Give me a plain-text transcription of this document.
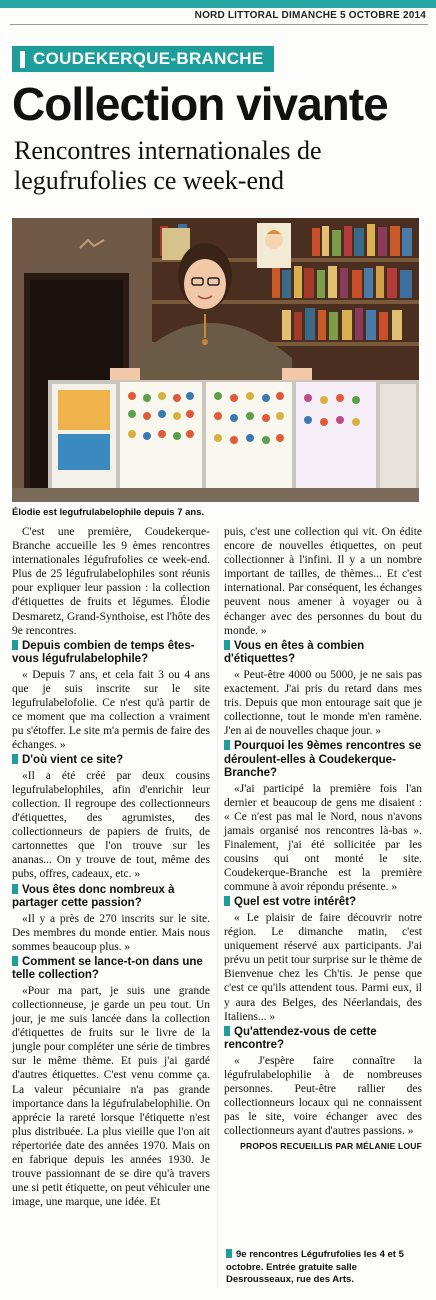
NORD LITTORAL DIMANCHE 5 OCTOBRE 2014
COUDEKERQUE-BRANCHE
Collection vivante
Rencontres internationales de legufrufolies ce week-end
Élodie est legufrulabelophile depuis 7 ans.

C'est une première, Coudekerque-Branche accueille les 9 èmes rencontres internationales légufrufolies ce week-end. Plus de 25 légufrulabelophiles sont réunis pour expliquer leur passion : la collection d'étiquettes de fruits et légumes. Élodie Desmaretz, Grand-Synthoise, est l'hôte des 9e rencontres.

Depuis combien de temps êtes-vous légufrulabelophile?

« Depuis 7 ans, et cela fait 3 ou 4 ans que je suis inscrite sur le site legufrulabelofolie. Ce n'est qu'à partir de ce moment que ma collection a vraiment pu s'étoffer. Le site m'a permis de faire des échanges. »

D'où vient ce site?

«Il a été créé par deux cousins legufrulabelophiles, afin d'enrichir leur collection. Il regroupe des collectionneurs d'étiquettes, des agrumistes, des collectionneurs de papiers de fruits, de cartonnettes que l'on trouve sur les ananas... On y trouve de tout, même des pubs, offres, cadeaux, etc. »

Vous êtes donc nombreux à partager cette passion?

«Il y a près de 270 inscrits sur le site. Des membres du monde entier. Mais nous sommes beaucoup plus. »

Comment se lance-t-on dans une telle collection?

«Pour ma part, je suis une grande collectionneuse, je garde un peu tout. Un jour, je me suis lancée dans la collection d'étiquettes de fruits sur le livre de la jungle pour compléter une série de timbres sur le même thème. Et puis j'ai gardé d'autres étiquettes. C'est venu comme ça. La valeur pécuniaire n'a pas grande importance dans la légufrulabelophilie. On apprécie la rareté lorsque l'étiquette n'est plus distribuée. La plus vieille que l'on ait répertoriée date des années 1970. Mais on en fabrique depuis les années 1930. Je trouve passionnant de se dire qu'à travers une si petit étiquette, on peut véhiculer une image, une marque, une idée. Et

puis, c'est une collection qui vit. On édite encore de nouvelles étiquettes, on peut collectionner à l'infini. Il y a un nombre important de tailles, de thèmes... Et c'est international. Par conséquent, les échanges peuvent nous amener à voyager ou à échanger avec des personnes du bout du monde. »

Vous en êtes à combien d'étiquettes?

« Peut-être 4000 ou 5000, je ne sais pas exactement. J'ai pris du retard dans mes tris. Depuis que mon entourage sait que je collectionne, tout le monde m'en ramène. J'en ai de nouvelles chaque jour. »

Pourquoi les 9èmes rencontres se déroulent-elles à Coudekerque-Branche?

«J'ai participé la première fois l'an dernier et beaucoup de gens me disaient : « Ce n'est pas mal le Nord, nous n'avons jamais organisé nos rencontres là-bas ». Finalement, j'ai été sollicitée par les cousins qui ont monté le site. Coudekerque-Branche est la première commune à avoir répondu présente. »

Quel est votre intérêt?

« Le plaisir de faire découvrir notre région. Le dimanche matin, c'est uniquement réservé aux participants. J'ai prévu un petit tour surprise sur le thème de Bienvenue chez les Ch'tis. Je pense que c'est ce qu'ils attendent tous. Parmi eux, il y aura des Belges, des Néerlandais, des Italiens... »

Qu'attendez-vous de cette rencontre?

« J'espère faire connaître la légufrulabelophilie à de nombreuses personnes. Peut-être rallier des collectionneurs locaux qui ne connaissent pas le site, voire échanger avec des collectionneurs ayant d'autres passions. »

PROPOS RECUEILLIS PAR MÉLANIE LOUF
9e rencontres Légufrufolies les 4 et 5 octobre. Entrée gratuite salle Desrousseaux, rue des Arts.
